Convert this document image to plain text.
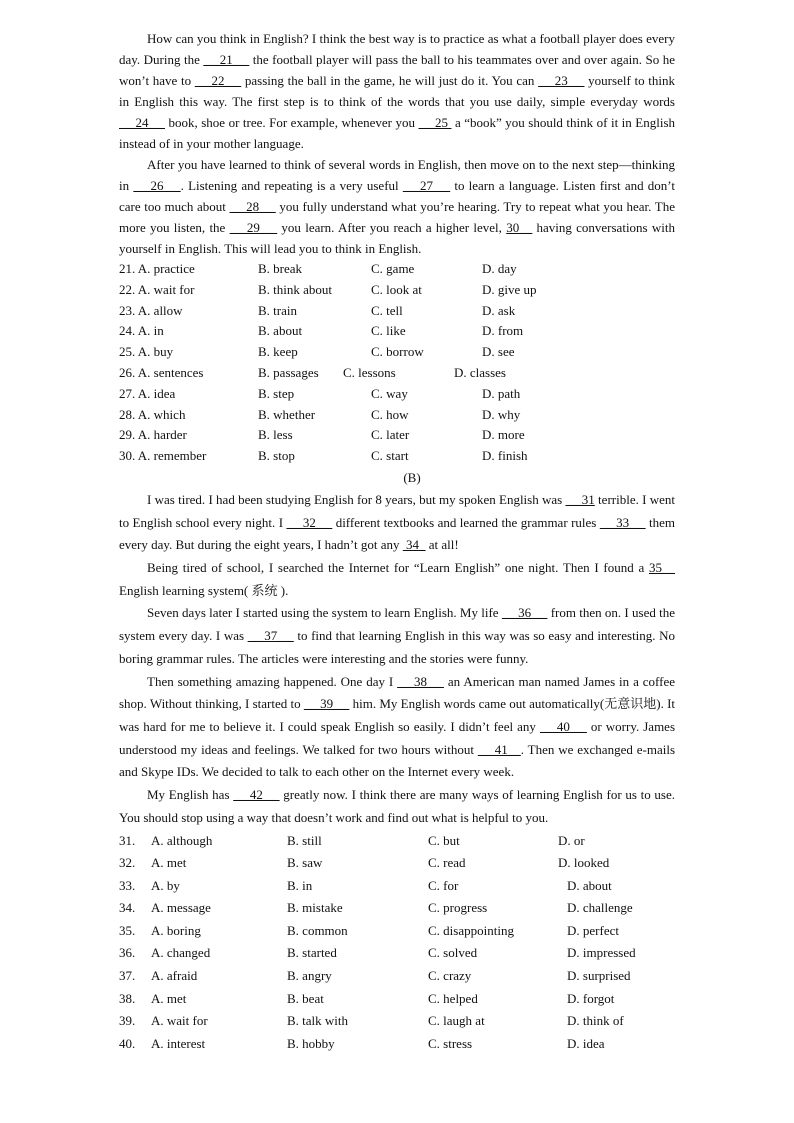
How can you think in English? I think the best way is to practice as what a football player does every day. During the  __21__  the football player will pass the ball to his teammates over and over again. So he won’t have to  __22__  passing the ball in the game, he will just do it. You can  __23__  yourself to think in English this way. The first step is to think of the words that you use daily, simple everyday words  __24__  book, shoe or tree. For example, whenever you  __25  a “book” you should think of it in English instead of in your mother language.

After you have learned to think of several words in English, then move on to the next step—thinking in  __26__ . Listening and repeating is a very useful  __27__  to learn a language. Listen first and don’t care too much about  __28__  you fully understand what you’re hearing. Try to repeat what you hear. The more you listen, the  __29__  you learn. After you reach a higher level, 30__ having conversations with yourself in English. This will lead you to think in English.

21. A. practice	B. break	C. game	D. day
22. A. wait for	B. think about	C. look at	D. give up
23. A. allow	B. train	C. tell	D. ask
24. A. in	B. about	C. like	D. from
25. A. buy	B. keep	C. borrow	D. see
26. A. sentences	B. passages	C. lessons	D. classes
27. A. idea	B. step	C. way	D. path
28. A. which	B. whether	C. how	D. why
29. A. harder	B. less	C. later	D. more
30. A. remember	B. stop	C. start	D. finish
(B)

I was tired. I had been studying English for 8 years, but my spoken English was  __31 terrible. I went to English school every night. I  __32__  different textbooks and learned the grammar rules  __33__  them every day. But during the eight years, I hadn’t got any  34_ at all!

Being tired of school, I searched the Internet for “Learn English” one night. Then I found a 35__ English learning system( 系统 ).

Seven days later I started using the system to learn English. My life  __36__  from then on. I used the system every day. I was  __37__  to find that learning English in this way was so easy and interesting. No boring grammar rules. The articles were interesting and the stories were funny.

Then something amazing happened. One day I  __38__  an American man named James in a coffee shop. Without thinking, I started to  __39__  him. My English words came out automatically(无意识地). It was hard for me to believe it. I could speak English so easily. I didn’t feel any  __40__  or worry. James understood my ideas and feelings. We talked for two hours without  __41__. Then we exchanged e-mails and Skype IDs. We decided to talk to each other on the Internet every week.

My English has  __42__  greatly now. I think there are many ways of learning English for us to use. You should stop using a way that doesn’t work and find out what is helpful to you.

31.	A. although	B. still	C. but	D. or
32.	A. met	B. saw	C. read	D. looked
33.	A. by	B. in	C. for	D. about
34.	A. message	B. mistake	C. progress	D. challenge
35.	A. boring	B. common	C. disappointing	D. perfect
36.	A. changed	B. started	C. solved	D. impressed
37.	A. afraid	B. angry	C. crazy	D. surprised
38.	A. met	B. beat	C. helped	D. forgot
39.	A. wait for	B. talk with	C. laugh at	D. think of
40.	A. interest	B. hobby	C. stress	D. idea
